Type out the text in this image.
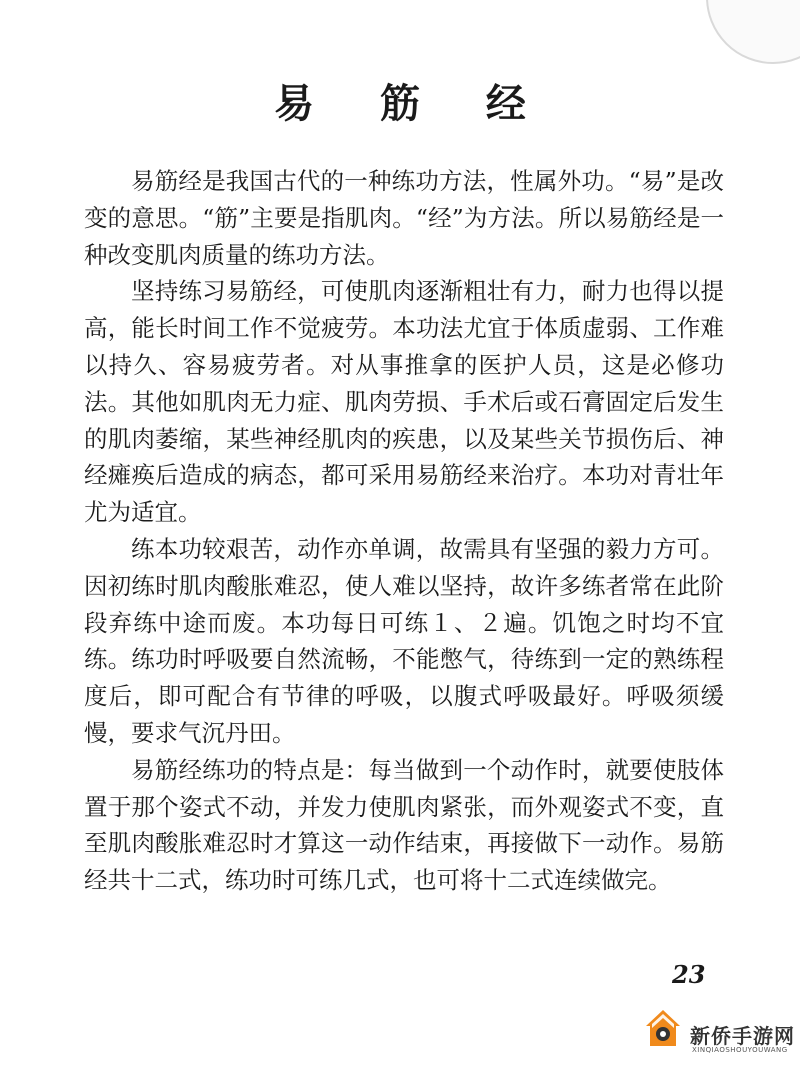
易 筋 经

易筋经是我国古代的一种练功方法，性属外功。“易”是改变的意思。“筋”主要是指肌肉。“经”为方法。所以易筋经是一种改变肌肉质量的练功方法。

坚持练习易筋经，可使肌肉逐渐粗壮有力，耐力也得以提高，能长时间工作不觉疲劳。本功法尤宜于体质虚弱、工作难以持久、容易疲劳者。对从事推拿的医护人员，这是必修功法。其他如肌肉无力症、肌肉劳损、手术后或石膏固定后发生的肌肉萎缩，某些神经肌肉的疾患，以及某些关节损伤后、神经瘫痪后造成的病态，都可采用易筋经来治疗。本功对青壮年尤为适宜。

练本功较艰苦，动作亦单调，故需具有坚强的毅力方可。因初练时肌肉酸胀难忍，使人难以坚持，故许多练者常在此阶段弃练中途而废。本功每日可练１、２遍。饥饱之时均不宜练。练功时呼吸要自然流畅，不能憋气，待练到一定的熟练程度后，即可配合有节律的呼吸，以腹式呼吸最好。呼吸须缓慢，要求气沉丹田。

易筋经练功的特点是：每当做到一个动作时，就要使肢体置于那个姿式不动，并发力使肌肉紧张，而外观姿式不变，直至肌肉酸胀难忍时才算这一动作结束，再接做下一动作。易筋经共十二式，练功时可练几式，也可将十二式连续做完。

23
新侨手游网
XINQIAOSHOUYOUWANG
